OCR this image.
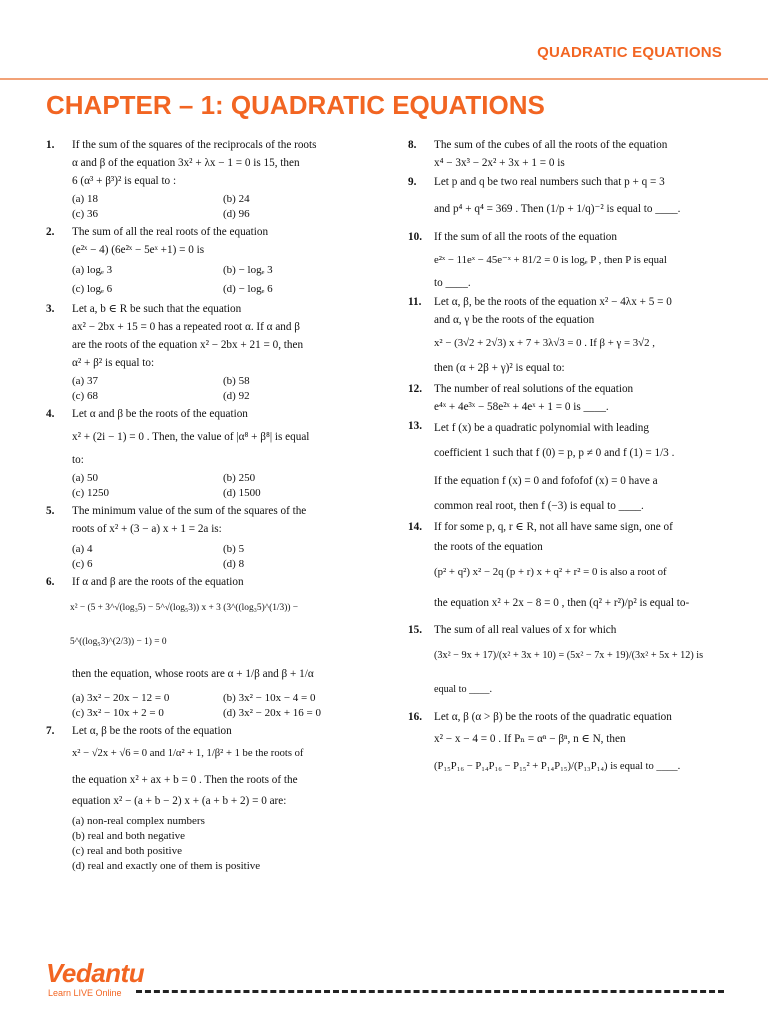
QUADRATIC EQUATIONS
CHAPTER – 1: QUADRATIC EQUATIONS
1. If the sum of the squares of the reciprocals of the roots
α and β of the equation 3x² + λx − 1 = 0 is 15, then
6 (α³ + β³)² is equal to :
(a) 18	(b) 24
(c) 36	(d) 96
2. The sum of all the real roots of the equation
(e²ˣ − 4) (6e²ˣ − 5eˣ +1) = 0 is
(a) logₑ 3	(b) − logₑ 3
(c) logₑ 6	(d) − logₑ 6
3. Let a, b ∈ R be such that the equation
ax² − 2bx + 15 = 0 has a repeated root α. If α and β
are the roots of the equation x² − 2bx + 21 = 0, then
α² + β² is equal to:
(a) 37	(b) 58
(c) 68	(d) 92
4. Let α and β be the roots of the equation
x² + (2i − 1) = 0 . Then, the value of |α⁸ + β⁸| is equal
to:
(a) 50	(b) 250
(c) 1250	(d) 1500
5. The minimum value of the sum of the squares of the
roots of x² + (3 − a) x + 1 = 2a is:
(a) 4	(b) 5
(c) 6	(d) 8
6. If α and β are the roots of the equation
x² − (5 + 3^√(log₃5) − 5^√(log₅3)) x + 3 (3^((log₃5)^(1/3)) − 5^((log₅3)^(2/3)) − 1) = 0
then the equation, whose roots are α + 1/β and β + 1/α
(a) 3x² − 20x − 12 = 0	(b) 3x² − 10x − 4 = 0
(c) 3x² − 10x + 2 = 0	(d) 3x² − 20x + 16 = 0
7. Let α, β be the roots of the equation
x² − √2x + √6 = 0 and 1/α² + 1, 1/β² + 1 be the roots of
the equation x² + ax + b = 0 . Then the roots of the
equation x² − (a + b − 2) x + (a + b + 2) = 0 are:
(a) non-real complex numbers
(b) real and both negative
(c) real and both positive
(d) real and exactly one of them is positive
8. The sum of the cubes of all the roots of the equation
x⁴ − 3x³ − 2x² + 3x + 1 = 0 is
9. Let p and q be two real numbers such that p + q = 3
and p⁴ + q⁴ = 369 . Then (1/p + 1/q)⁻² is equal to ____.
10. If the sum of all the roots of the equation
e²ˣ − 11eˣ − 45e⁻ˣ + 81/2 = 0 is logₑ P , then P is equal
to ____.
11. Let α, β, be the roots of the equation x² − 4λx + 5 = 0
and α, γ be the roots of the equation
x² − (3√2 + 2√3) x + 7 + 3λ√3 = 0 . If β + γ = 3√2 ,
then (α + 2β + γ)² is equal to:
12. The number of real solutions of the equation
e⁴ˣ + 4e³ˣ − 58e²ˣ + 4eˣ + 1 = 0 is ____.
13. Let f (x) be a quadratic polynomial with leading
coefficient 1 such that f (0) = p, p ≠ 0 and f (1) = 1/3 .
If the equation f (x) = 0 and fofofof (x) = 0 have a
common real root, then f (−3) is equal to ____.
14. If for some p, q, r ∈ R, not all have same sign, one of
the roots of the equation
(p² + q²) x² − 2q (p + r) x + q² + r² = 0 is also a root of
the equation x² + 2x − 8 = 0 , then (q² + r²)/p² is equal to-
15. The sum of all real values of x for which
(3x² − 9x + 17)/(x² + 3x + 10) = (5x² − 7x + 19)/(3x² + 5x + 12) is equal to ____.
16. Let α, β (α > β) be the roots of the quadratic equation
x² − x − 4 = 0 . If Pₙ = αⁿ − βⁿ, n ∈ N, then
(P₁₅P₁₆ − P₁₄P₁₆ − P₁₅² + P₁₄P₁₅)/(P₁₃P₁₄) is equal to ____.
Vedantu
Learn LIVE Online
